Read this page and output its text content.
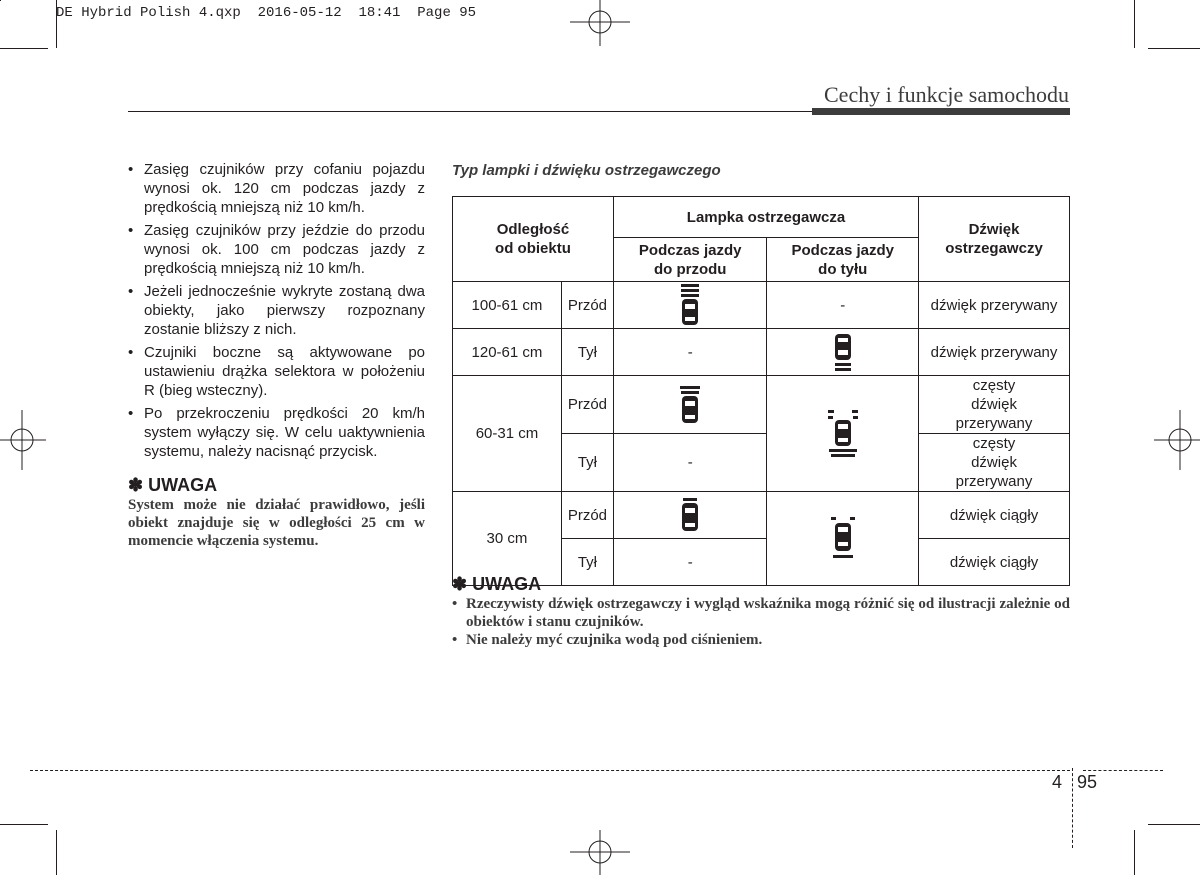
DE Hybrid Polish 4.qxp  2016-05-12  18:41  Page 95
Cechy i funkcje samochodu
• Zasięg czujników przy cofaniu pojazdu wynosi ok. 120 cm podczas jazdy z prędkością mniejszą niż 10 km/h.
• Zasięg czujników przy jeździe do przodu wynosi ok. 100 cm podczas jazdy z prędkością mniejszą niż 10 km/h.
• Jeżeli jednocześnie wykryte zostaną dwa obiekty, jako pierwszy rozpoznany zostanie bliższy z nich.
• Czujniki boczne są aktywowane po ustawieniu drążka selektora w położeniu R (bieg wsteczny).
• Po przekroczeniu prędkości 20 km/h system wyłączy się. W celu uaktywnienia systemu, należy nacisnąć przycisk.
✽ UWAGA
System może nie działać prawidłowo, jeśli obiekt znajduje się w odległości 25 cm w momencie włączenia systemu.
Typ lampki i dźwięku ostrzegawczego
Odległość od obiektu		Lampka ostrzegawcza		Dźwięk ostrzegawczy
		Podczas jazdy do przodu	Podczas jazdy do tyłu	
100-61 cm	Przód		-	dźwięk przerywany
120-61 cm	Tył	-		dźwięk przerywany
60-31 cm	Przód			częsty dźwięk przerywany
	Tył	-		częsty dźwięk przerywany
30 cm	Przód			dźwięk ciągły
	Tył	-		dźwięk ciągły
✽ UWAGA
• Rzeczywisty dźwięk ostrzegawczy i wygląd wskaźnika mogą różnić się od ilustracji zależnie od obiektów i stanu czujników.
• Nie należy myć czujnika wodą pod ciśnieniem.
4 95
